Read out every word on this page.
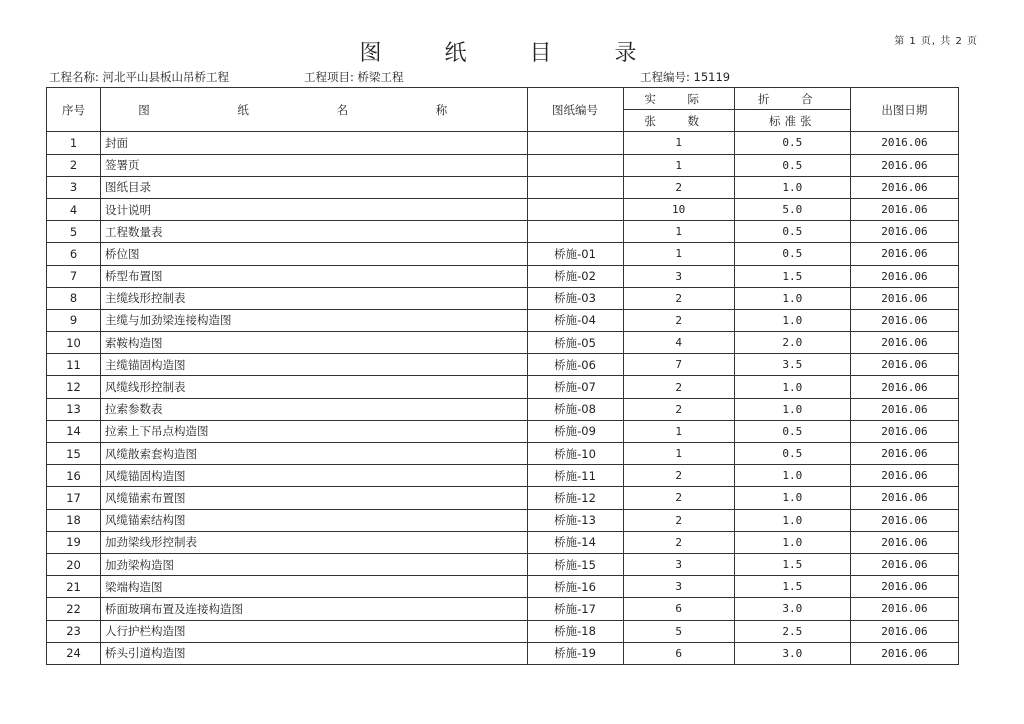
第 1 页, 共 2 页
图 纸 目 录
工程名称: 河北平山县板山吊桥工程	工程项目: 桥梁工程	工程编号: 15119
序号	图 纸 名 称	图纸编号	实 际	折 合	出图日期
			张 数	标准张	
1	封面		1	0.5	2016.06
2	签署页		1	0.5	2016.06
3	图纸目录		2	1.0	2016.06
4	设计说明		10	5.0	2016.06
5	工程数量表		1	0.5	2016.06
6	桥位图	桥施-01	1	0.5	2016.06
7	桥型布置图	桥施-02	3	1.5	2016.06
8	主缆线形控制表	桥施-03	2	1.0	2016.06
9	主缆与加劲梁连接构造图	桥施-04	2	1.0	2016.06
10	索鞍构造图	桥施-05	4	2.0	2016.06
11	主缆锚固构造图	桥施-06	7	3.5	2016.06
12	风缆线形控制表	桥施-07	2	1.0	2016.06
13	拉索参数表	桥施-08	2	1.0	2016.06
14	拉索上下吊点构造图	桥施-09	1	0.5	2016.06
15	风缆散索套构造图	桥施-10	1	0.5	2016.06
16	风缆锚固构造图	桥施-11	2	1.0	2016.06
17	风缆锚索布置图	桥施-12	2	1.0	2016.06
18	风缆锚索结构图	桥施-13	2	1.0	2016.06
19	加劲梁线形控制表	桥施-14	2	1.0	2016.06
20	加劲梁构造图	桥施-15	3	1.5	2016.06
21	梁端构造图	桥施-16	3	1.5	2016.06
22	桥面玻璃布置及连接构造图	桥施-17	6	3.0	2016.06
23	人行护栏构造图	桥施-18	5	2.5	2016.06
24	桥头引道构造图	桥施-19	6	3.0	2016.06
